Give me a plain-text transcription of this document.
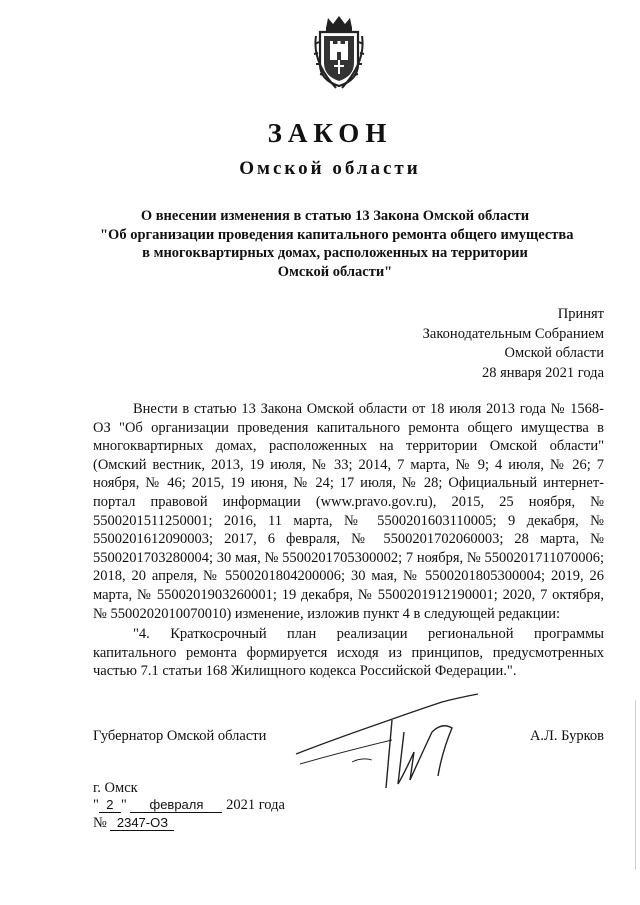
ЗАКОН
Омской области
О внесении изменения в статью 13 Закона Омской области
"Об организации проведения капитального ремонта общего имущества
в многоквартирных домах, расположенных на территории
Омской области"
Принят
Законодательным Собранием
Омской области
28 января 2021 года
Внести в статью 13 Закона Омской области от 18 июля 2013 года № 1568-ОЗ "Об организации проведения капитального ремонта общего имущества в многоквартирных домах, расположенных на территории Омской области" (Омский вестник, 2013, 19 июля, № 33; 2014, 7 марта, № 9; 4 июля, № 26; 7 ноября, № 46; 2015, 19 июня, № 24; 17 июля, № 28; Официальный интернет-портал правовой информации (www.pravo.gov.ru), 2015, 25 ноября, № 5500201511250001; 2016, 11 марта, № 5500201603110005; 9 декабря, № 5500201612090003; 2017, 6 февраля, № 5500201702060003; 28 марта, № 5500201703280004; 30 мая, № 5500201705300002; 7 ноября, № 5500201711070006; 2018, 20 апреля, № 5500201804200006; 30 мая, № 5500201805300004; 2019, 26 марта, № 5500201903260001; 19 декабря, № 5500201912190001; 2020, 7 октября, № 5500202010070010) изменение, изложив пункт 4 в следующей редакции:
"4. Краткосрочный план реализации региональной программы капитального ремонта формируется исходя из принципов, предусмотренных частью 7.1 статьи 168 Жилищного кодекса Российской Федерации.".
Губернатор Омской области	А.Л. Бурков
г. Омск
" 2 " февраля 2021 года
№ 2347-ОЗ
